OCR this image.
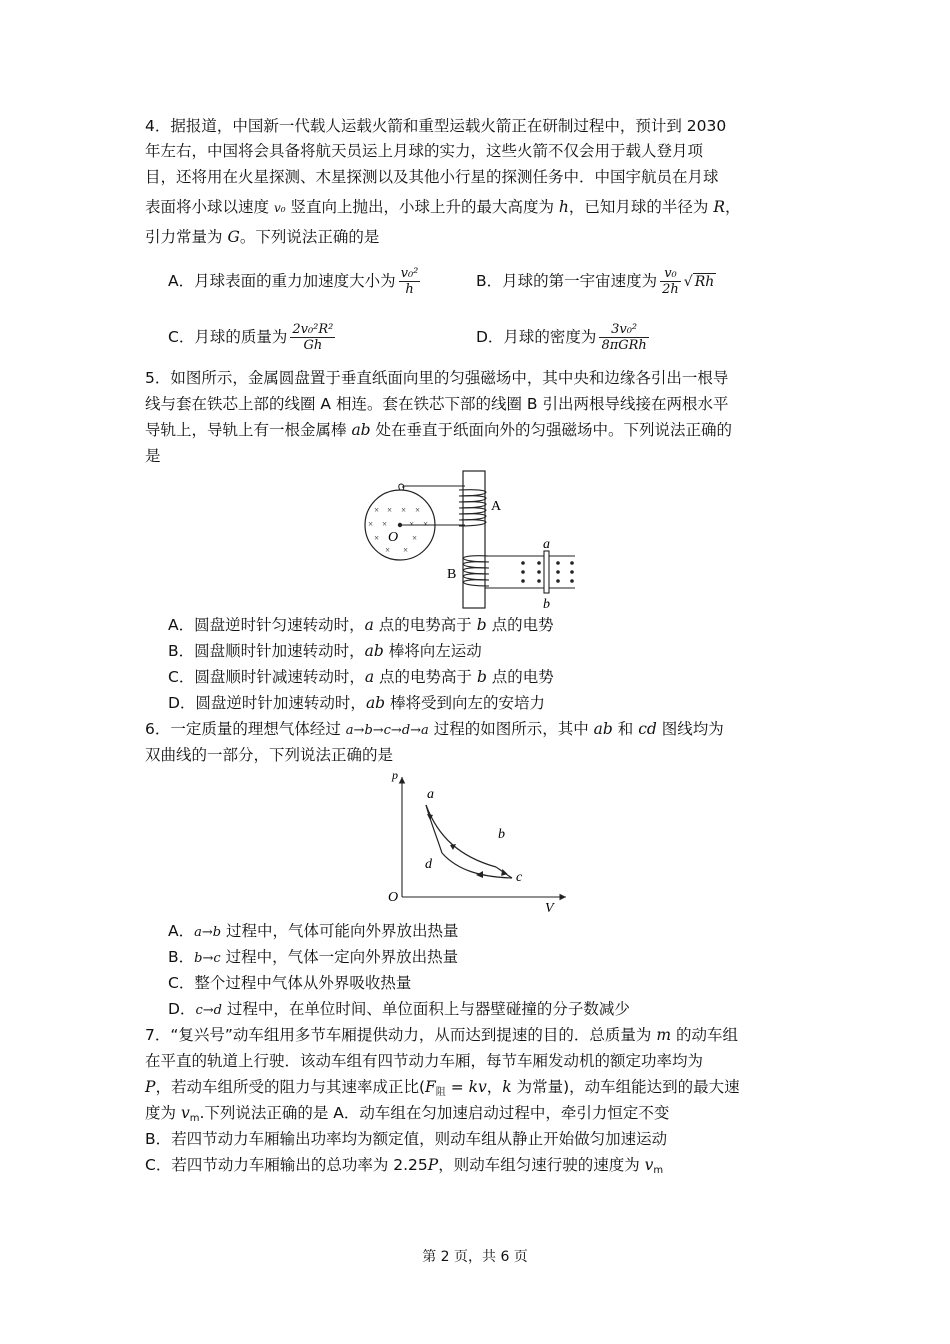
4．据报道，中国新一代载人运载火箭和重型运载火箭正在研制过程中，预计到 2030
年左右，中国将会具备将航天员运上月球的实力，这些火箭不仅会用于载人登月项
目，还将用在火星探测、木星探测以及其他小行星的探测任务中．中国宇航员在月球
表面将小球以速度 v₀ 竖直向上抛出，小球上升的最大高度为 h，已知月球的半径为 R，
引力常量为 G。下列说法正确的是
A．月球表面的重力加速度大小为 $\frac{\text{v₀²}}{h}$	B．月球的第一宇宙速度为 $\frac{\text{v₀}}{2h}$ √ Rh
C．月球的质量为 $\frac{\text{2v₀²R²}}{Gh}$	D．月球的密度为 $\frac{\text{3v₀²}}{\text{8πGRh}}$
5．如图所示，金属圆盘置于垂直纸面向里的匀强磁场中，其中央和边缘各引出一根导
线与套在铁芯上部的线圈 A 相连。套在铁芯下部的线圈 B 引出两根导线接在两根水平
导轨上，导轨上有一根金属棒 ab 处在垂直于纸面向外的匀强磁场中。下列说法正确的
是
× × × ×
× × × ×
×	×
× ×
O
A
B
a
b
A．圆盘逆时针匀速转动时，a 点的电势高于 b 点的电势
B．圆盘顺时针加速转动时，ab 棒将向左运动
C．圆盘顺时针减速转动时，a 点的电势高于 b 点的电势
D．圆盘逆时针加速转动时，ab 棒将受到向左的安培力
6．一定质量的理想气体经过 a→b→c→d→a 过程的如图所示，其中 ab 和 cd 图线均为
双曲线的一部分，下列说法正确的是
p
V
O
a
b
c
d
A．a→b 过程中，气体可能向外界放出热量
B．b→c 过程中，气体一定向外界放出热量
C．整个过程中气体从外界吸收热量
D．c→d 过程中，在单位时间、单位面积上与器壁碰撞的分子数减少
7．“复兴号”动车组用多节车厢提供动力，从而达到提速的目的．总质量为 m 的动车组
在平直的轨道上行驶．该动车组有四节动力车厢，每节车厢发动机的额定功率均为
P，若动车组所受的阻力与其速率成正比(F阻 = kv，k 为常量)，动车组能达到的最大速
度为 vm.下列说法正确的是 A．动车组在匀加速启动过程中，牵引力恒定不变
B．若四节动力车厢输出功率均为额定值，则动车组从静止开始做匀加速运动
C．若四节动力车厢输出的总功率为 2.25P，则动车组匀速行驶的速度为 vm
第 2 页，共 6 页
